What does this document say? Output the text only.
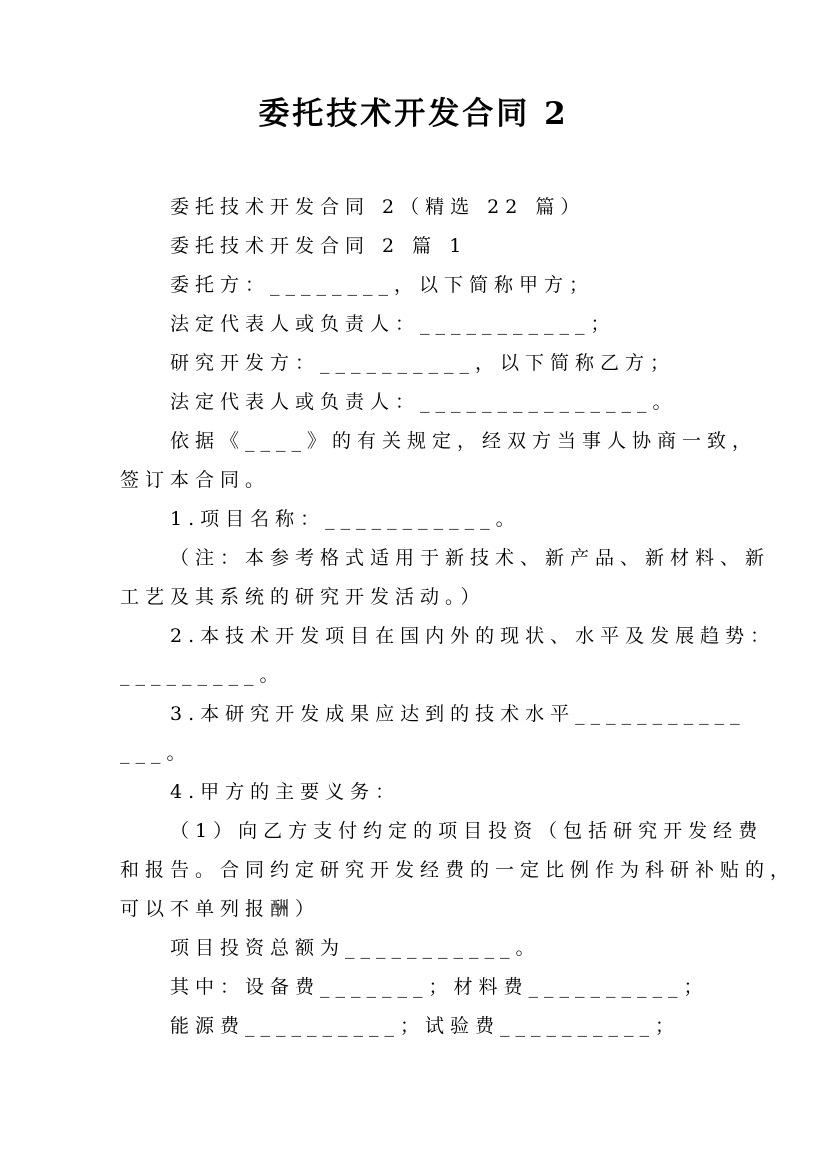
委托技术开发合同 2
委托技术开发合同 2（精选 22 篇）
委托技术开发合同 2 篇 1
委托方：________，以下简称甲方；
法定代表人或负责人：___________；
研究开发方：__________，以下简称乙方；
法定代表人或负责人：_______________。
依据《____》的有关规定，经双方当事人协商一致，
签订本合同。
1.项目名称：___________。
（注：本参考格式适用于新技术、新产品、新材料、新
工艺及其系统的研究开发活动。）
2.本技术开发项目在国内外的现状、水平及发展趋势：
_________。
3.本研究开发成果应达到的技术水平___________
___。
4.甲方的主要义务：
（1）向乙方支付约定的项目投资（包括研究开发经费
和报告。合同约定研究开发经费的一定比例作为科研补贴的，
可以不单列报酬）
项目投资总额为___________。
其中：设备费_______；材料费__________；
能源费__________；试验费__________；
